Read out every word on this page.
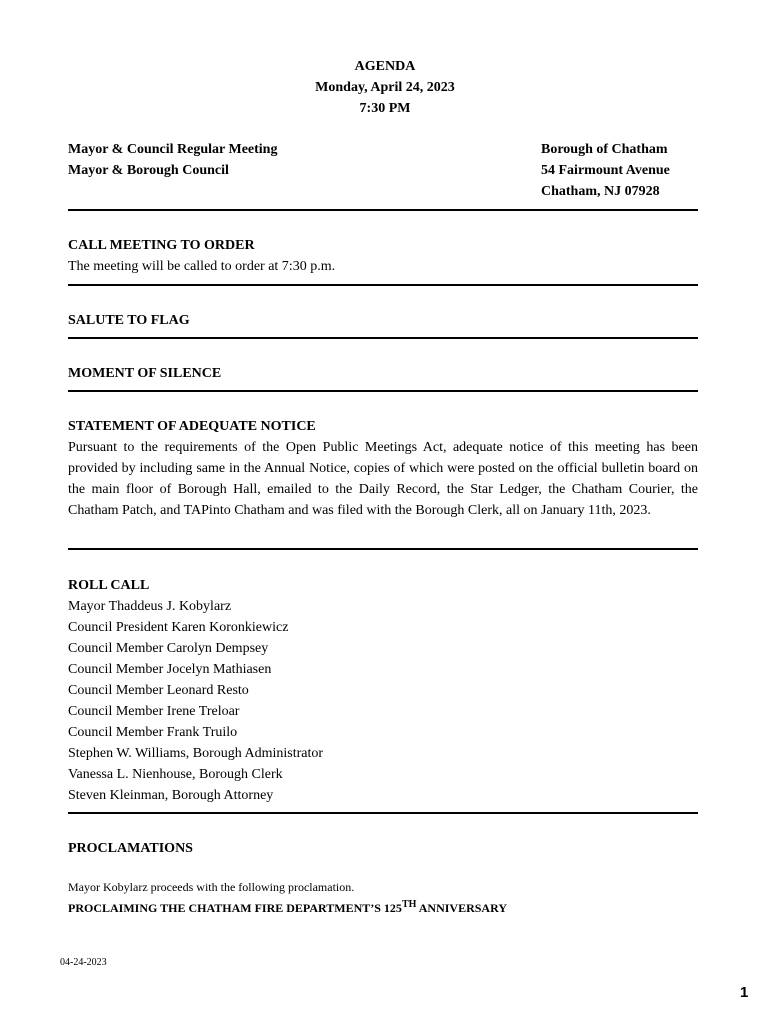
AGENDA
Monday, April 24, 2023
7:30 PM
Mayor & Council Regular Meeting
Mayor & Borough Council
Borough of Chatham
54 Fairmount Avenue
Chatham, NJ 07928
CALL MEETING TO ORDER
The meeting will be called to order at 7:30 p.m.
SALUTE TO FLAG
MOMENT OF SILENCE
STATEMENT OF ADEQUATE NOTICE
Pursuant to the requirements of the Open Public Meetings Act, adequate notice of this meeting has been provided by including same in the Annual Notice, copies of which were posted on the official bulletin board on the main floor of Borough Hall, emailed to the Daily Record, the Star Ledger, the Chatham Courier, the Chatham Patch, and TAPinto Chatham and was filed with the Borough Clerk, all on January 11th, 2023.
ROLL CALL
Mayor Thaddeus J. Kobylarz
Council President Karen Koronkiewicz
Council Member Carolyn Dempsey
Council Member Jocelyn Mathiasen
Council Member Leonard Resto
Council Member Irene Treloar
Council Member Frank Truilo
Stephen W. Williams, Borough Administrator
Vanessa L. Nienhouse, Borough Clerk
Steven Kleinman, Borough Attorney
PROCLAMATIONS
Mayor Kobylarz proceeds with the following proclamation.
PROCLAIMING THE CHATHAM FIRE DEPARTMENT’S 125TH ANNIVERSARY
04-24-2023
1
